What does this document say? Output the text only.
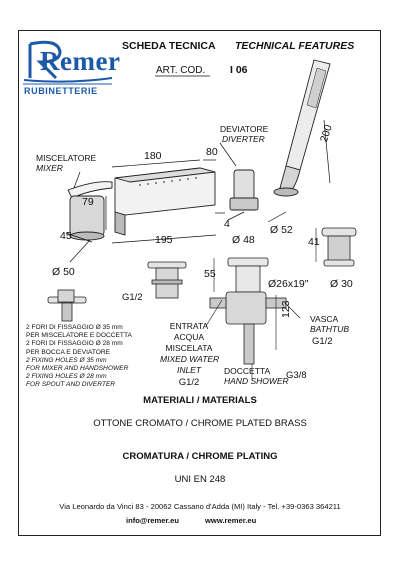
Remer
RUBINETTERIE
SCHEDA TECNICA TECHNICAL FEATURES
ART. COD. I 06
DEVIATORE
DIVERTER
MISCELATORE
MIXER
180	80
200
79
45	195
4
Ø 48
Ø 52
41
Ø 30
Ø 50	55
Ø26x19"
123
G1/2
ENTRATA
ACQUA
MISCELATA
MIXED WATER
INLET
G1/2
DOCCETTA
HAND SHOWER
G3/8
VASCA
BATHTUB
G1/2
2 FORI DI FISSAGGIO Ø 35 mm
PER MISCELATORE E DOCCETTA
2 FORI DI FISSAGGIO Ø 28 mm
PER BOCCA E DEVIATORE
2 FIXING HOLES Ø 35 mm
FOR MIXER AND HANDSHOWER
2 FIXING HOLES Ø 28 mm
FOR SPOUT AND DIVERTER
MATERIALI / MATERIALS
OTTONE CROMATO / CHROME PLATED BRASS
CROMATURA / CHROME PLATING
UNI EN 248
Via Leonardo da Vinci 83 - 20062 Cassano d'Adda (MI) Italy - Tel. +39-0363 364211
info@remer.eu	www.remer.eu
